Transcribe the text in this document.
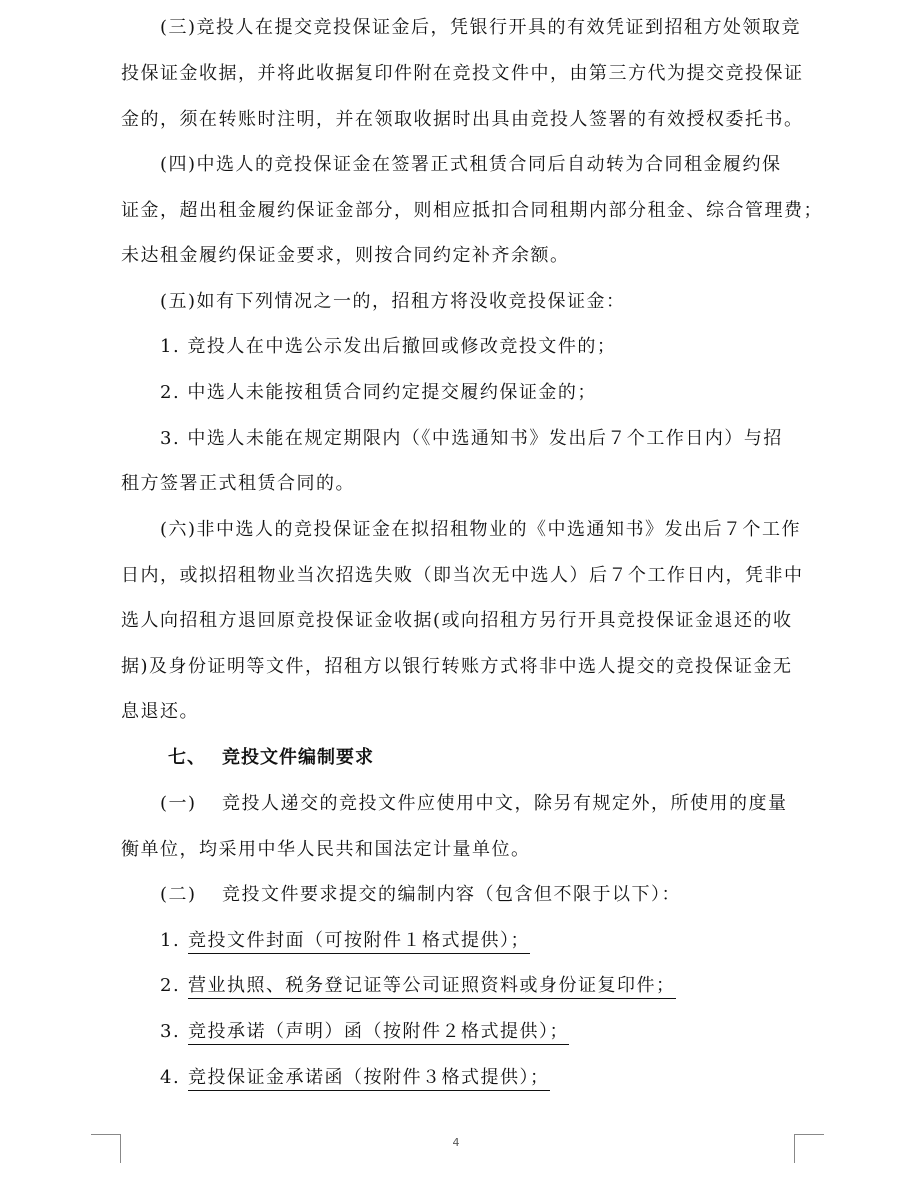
(三)竞投人在提交竞投保证金后，凭银行开具的有效凭证到招租方处领取竞
投保证金收据，并将此收据复印件附在竞投文件中，由第三方代为提交竞投保证
金的，须在转账时注明，并在领取收据时出具由竞投人签署的有效授权委托书。
(四)中选人的竞投保证金在签署正式租赁合同后自动转为合同租金履约保
证金，超出租金履约保证金部分，则相应抵扣合同租期内部分租金、综合管理费；
未达租金履约保证金要求，则按合同约定补齐余额。
(五)如有下列情况之一的，招租方将没收竞投保证金：
1. 竞投人在中选公示发出后撤回或修改竞投文件的；
2. 中选人未能按租赁合同约定提交履约保证金的；
3. 中选人未能在规定期限内（《中选通知书》发出后７个工作日内）与招
租方签署正式租赁合同的。
(六)非中选人的竞投保证金在拟招租物业的《中选通知书》发出后７个工作
日内，或拟招租物业当次招选失败（即当次无中选人）后７个工作日内，凭非中
选人向招租方退回原竞投保证金收据(或向招租方另行开具竞投保证金退还的收
据)及身份证明等文件，招租方以银行转账方式将非中选人提交的竞投保证金无
息退还。
七、 竞投文件编制要求
(一) 竞投人递交的竞投文件应使用中文，除另有规定外，所使用的度量
衡单位，均采用中华人民共和国法定计量单位。
(二) 竞投文件要求提交的编制内容（包含但不限于以下）：
1. 竞投文件封面（可按附件１格式提供）；
2. 营业执照、税务登记证等公司证照资料或身份证复印件；
3. 竞投承诺（声明）函（按附件２格式提供）；
4. 竞投保证金承诺函（按附件３格式提供）；
4
